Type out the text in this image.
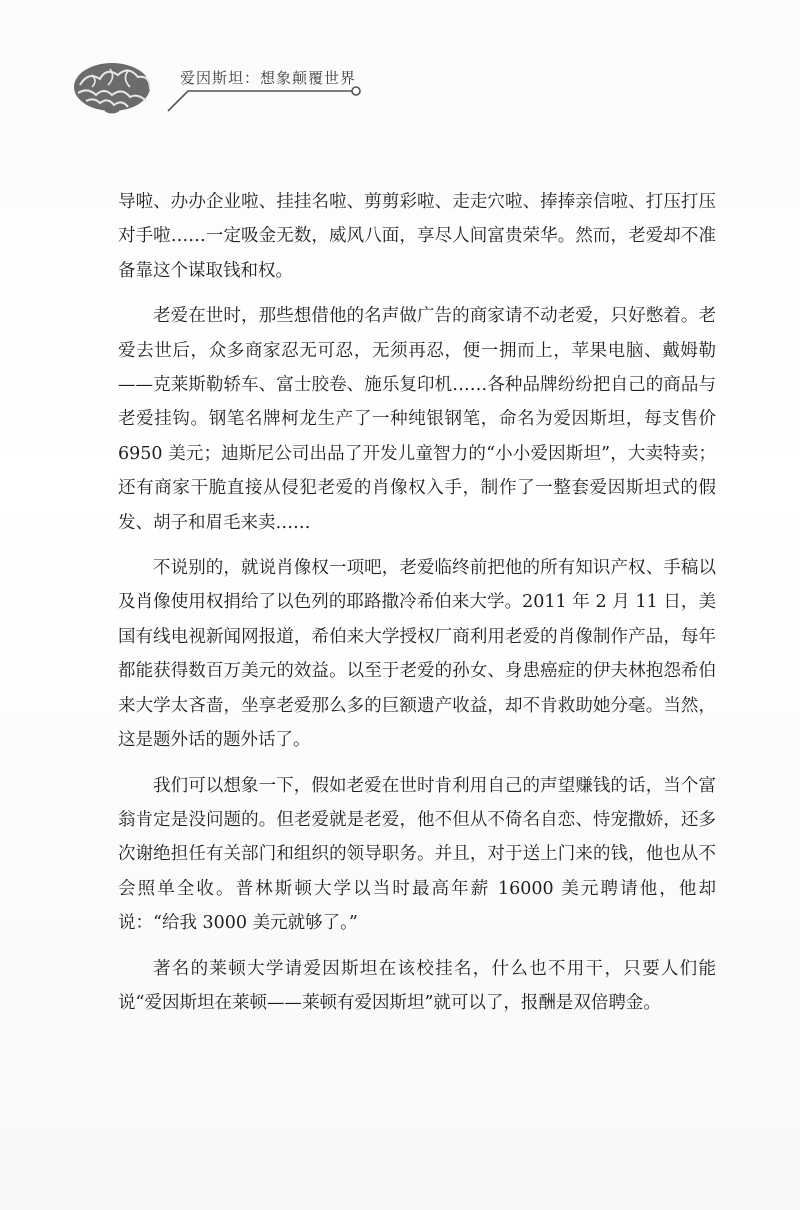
爱因斯坦：想象颠覆世界

导啦、办办企业啦、挂挂名啦、剪剪彩啦、走走穴啦、捧捧亲信啦、打压打压对手啦……一定吸金无数，威风八面，享尽人间富贵荣华。然而，老爱却不准备靠这个谋取钱和权。

老爱在世时，那些想借他的名声做广告的商家请不动老爱，只好憋着。老爱去世后，众多商家忍无可忍，无须再忍，便一拥而上，苹果电脑、戴姆勒——克莱斯勒轿车、富士胶卷、施乐复印机……各种品牌纷纷把自己的商品与老爱挂钩。钢笔名牌柯龙生产了一种纯银钢笔，命名为爱因斯坦，每支售价 6950 美元；迪斯尼公司出品了开发儿童智力的“小小爱因斯坦”，大卖特卖；还有商家干脆直接从侵犯老爱的肖像权入手，制作了一整套爱因斯坦式的假发、胡子和眉毛来卖……

不说别的，就说肖像权一项吧，老爱临终前把他的所有知识产权、手稿以及肖像使用权捐给了以色列的耶路撒冷希伯来大学。2011 年 2 月 11 日，美国有线电视新闻网报道，希伯来大学授权厂商利用老爱的肖像制作产品，每年都能获得数百万美元的效益。以至于老爱的孙女、身患癌症的伊夫林抱怨希伯来大学太吝啬，坐享老爱那么多的巨额遗产收益，却不肯救助她分毫。当然，这是题外话的题外话了。

我们可以想象一下，假如老爱在世时肯利用自己的声望赚钱的话，当个富翁肯定是没问题的。但老爱就是老爱，他不但从不倚名自恋、恃宠撒娇，还多次谢绝担任有关部门和组织的领导职务。并且，对于送上门来的钱，他也从不会照单全收。普林斯顿大学以当时最高年薪 16000 美元聘请他，他却说：“给我 3000 美元就够了。”

著名的莱顿大学请爱因斯坦在该校挂名，什么也不用干，只要人们能说“爱因斯坦在莱顿——莱顿有爱因斯坦”就可以了，报酬是双倍聘金。
